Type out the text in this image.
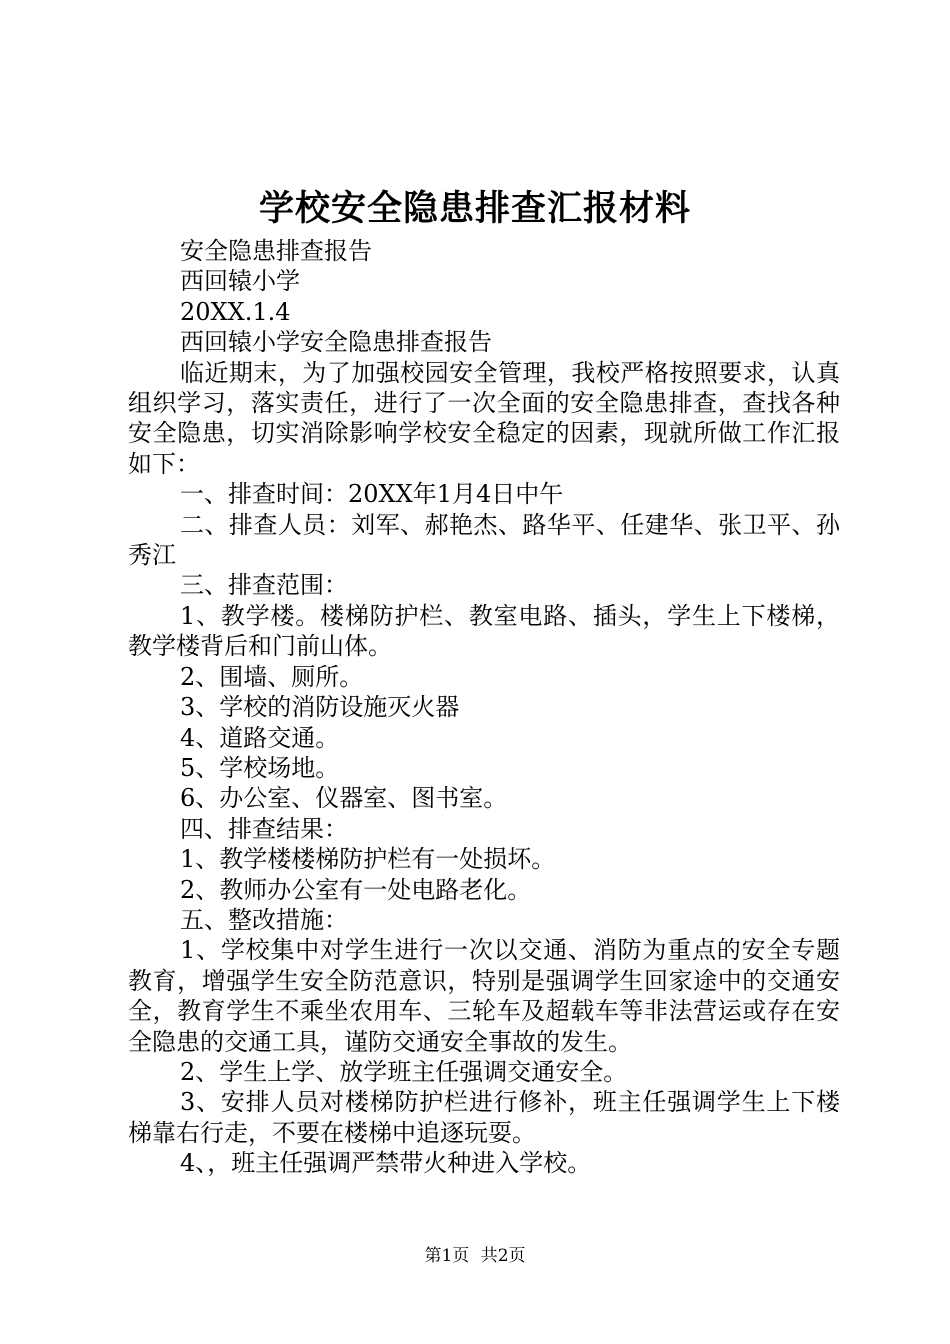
学校安全隐患排查汇报材料

安全隐患排查报告

西回辕小学

20XX.1.4

西回辕小学安全隐患排查报告

临近期末，为了加强校园安全管理，我校严格按照要求，认真组织学习，落实责任，进行了一次全面的安全隐患排查，查找各种安全隐患，切实消除影响学校安全稳定的因素，现就所做工作汇报如下：

一、排查时间：20XX年1月4日中午

二、排查人员：刘军、郝艳杰、路华平、任建华、张卫平、孙秀江

三、排查范围：

1、教学楼。楼梯防护栏、教室电路、插头，学生上下楼梯，教学楼背后和门前山体。

2、围墙、厕所。

3、学校的消防设施灭火器

4、道路交通。

5、学校场地。

6、办公室、仪器室、图书室。

四、排查结果：

1、教学楼楼梯防护栏有一处损坏。

2、教师办公室有一处电路老化。

五、整改措施：

1、学校集中对学生进行一次以交通、消防为重点的安全专题教育，增强学生安全防范意识，特别是强调学生回家途中的交通安全，教育学生不乘坐农用车、三轮车及超载车等非法营运或存在安全隐患的交通工具，谨防交通安全事故的发生。

2、学生上学、放学班主任强调交通安全。

3、安排人员对楼梯防护栏进行修补，班主任强调学生上下楼梯靠右行走，不要在楼梯中追逐玩耍。

4、，班主任强调严禁带火种进入学校。

第1页 共2页
